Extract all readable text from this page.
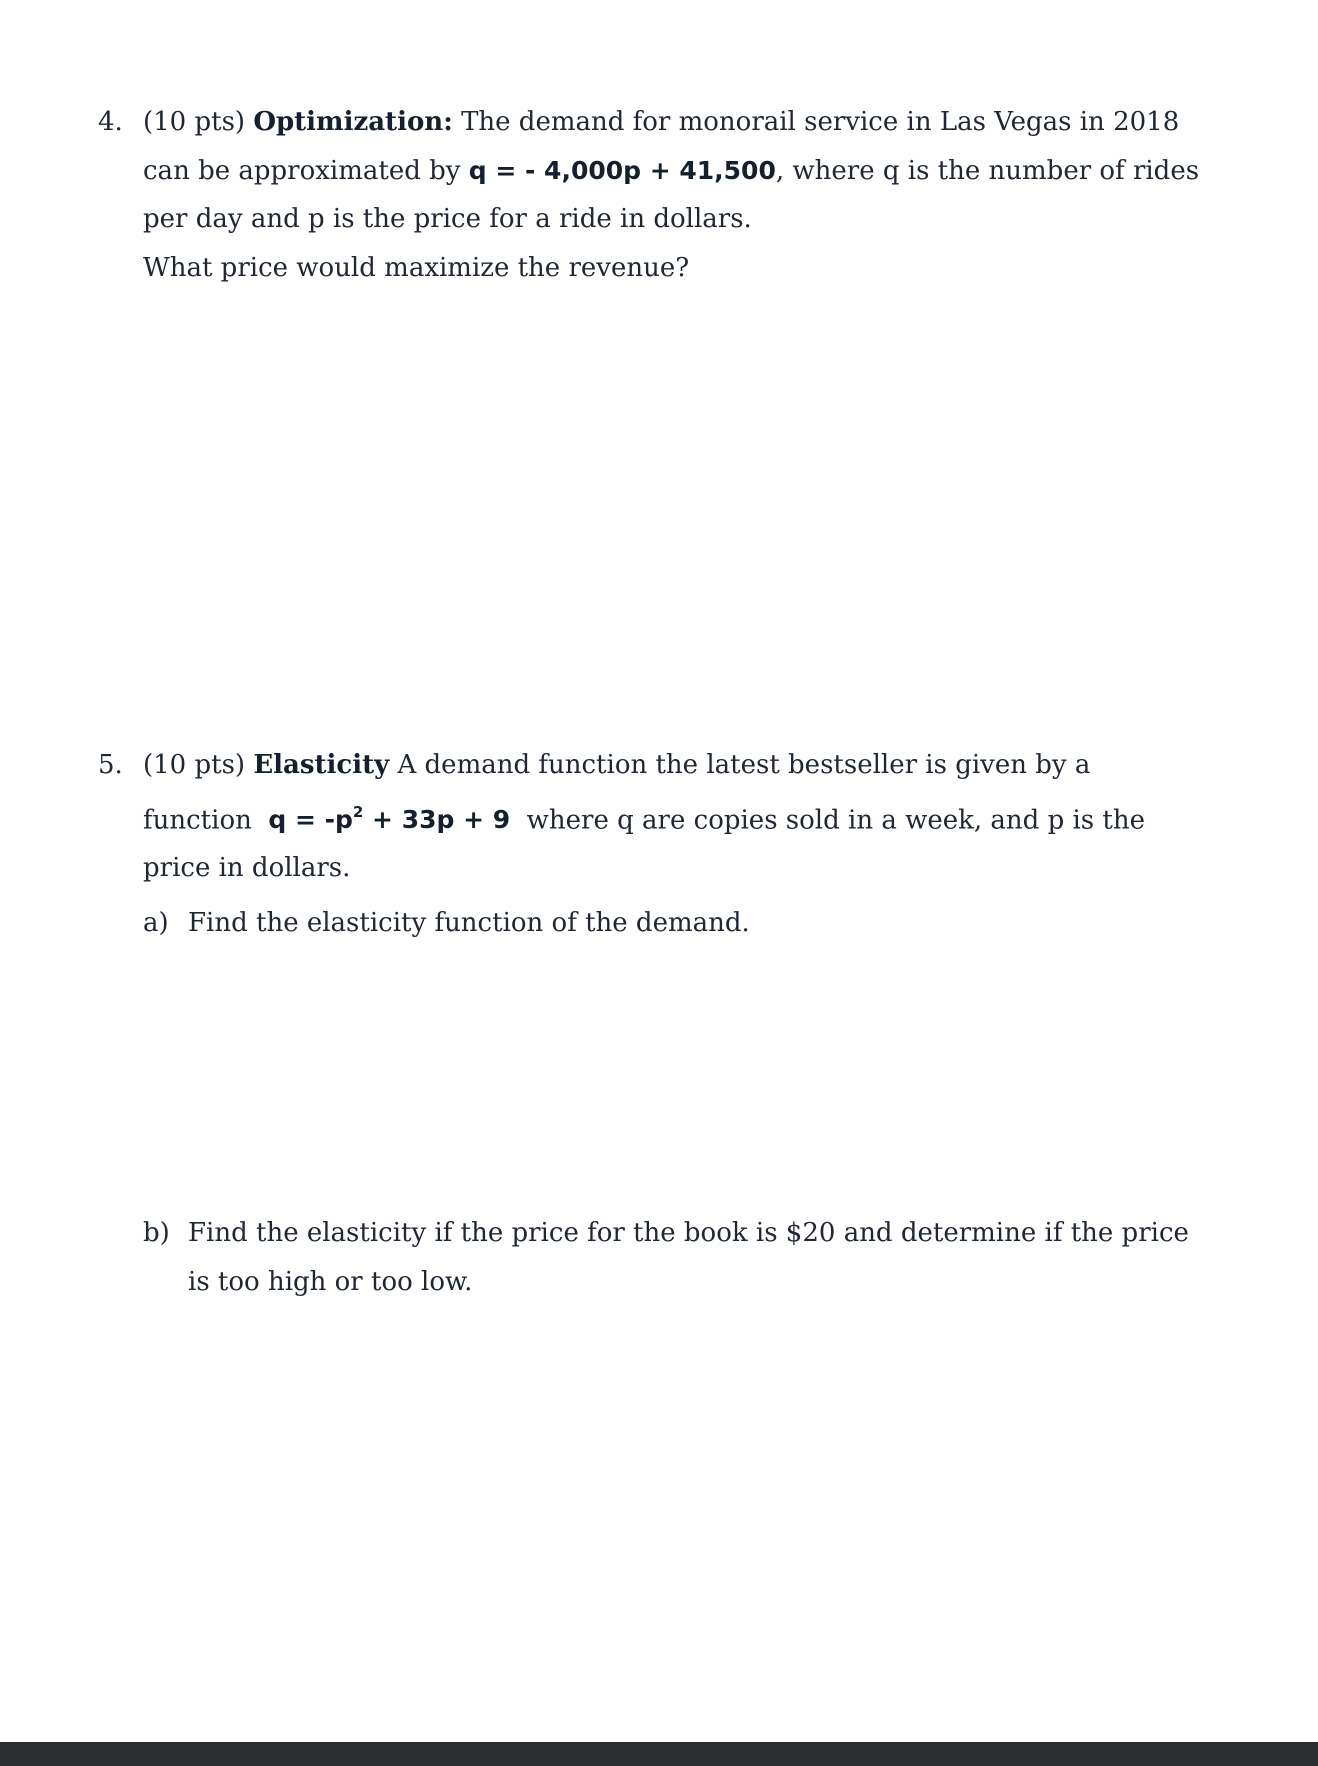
4. (10 pts) Optimization: The demand for monorail service in Las Vegas in 2018
can be approximated by q = - 4,000p + 41,500, where q is the number of rides
per day and p is the price for a ride in dollars.
What price would maximize the revenue?
5. (10 pts) Elasticity A demand function the latest bestseller is given by a
function  $q = -p^2 + 33p + 9$  where q are copies sold in a week, and p is the
price in dollars.
a) Find the elasticity function of the demand.
b) Find the elasticity if the price for the book is $20 and determine if the price
is too high or too low.
